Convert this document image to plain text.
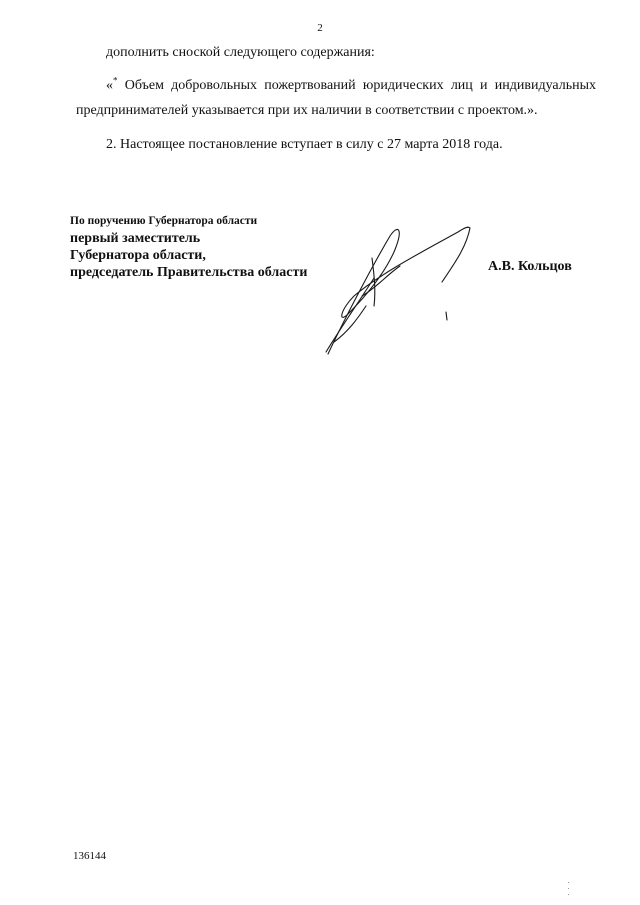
2

дополнить сноской следующего содержания:

«* Объем добровольных пожертвований юридических лиц и индивидуальных предпринимателей указывается при их наличии в соответствии с проектом.».

2. Настоящее постановление вступает в силу с 27 марта 2018 года.

По поручению Губернатора области
первый заместитель
Губернатора области,
председатель Правительства области	А.В. Кольцов
136144
